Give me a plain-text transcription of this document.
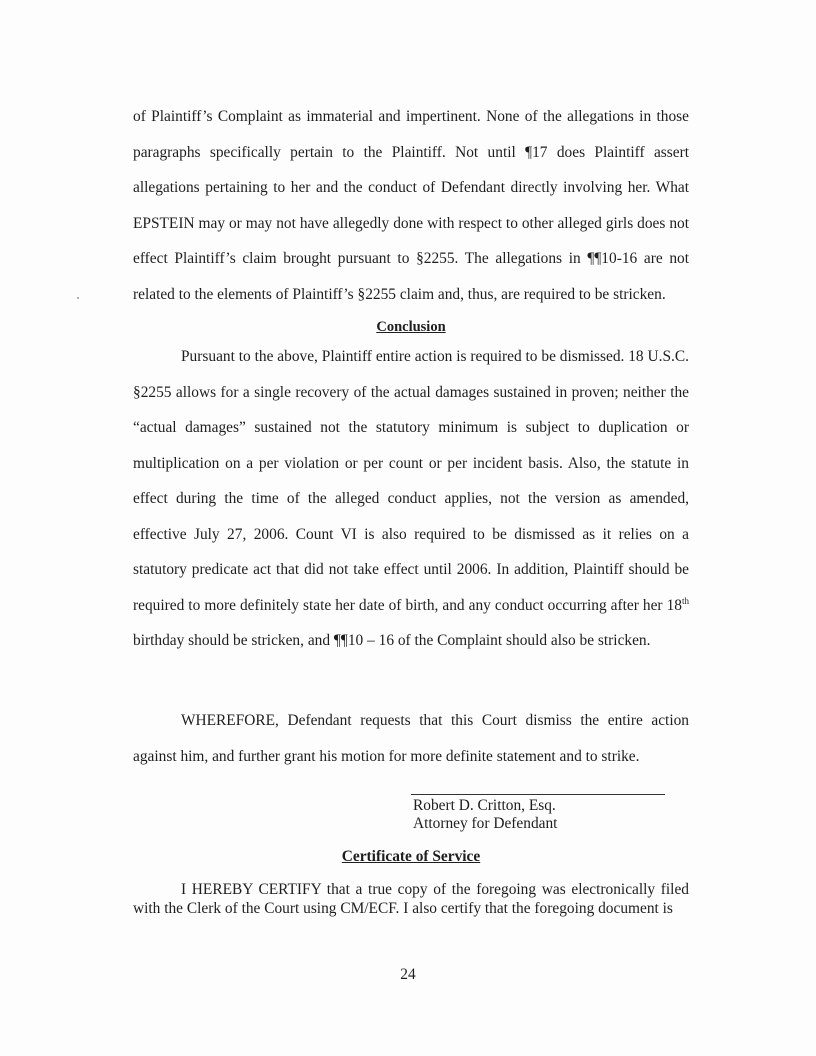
of Plaintiff’s Complaint as immaterial and impertinent. None of the allegations in those paragraphs specifically pertain to the Plaintiff. Not until ¶17 does Plaintiff assert allegations pertaining to her and the conduct of Defendant directly involving her. What EPSTEIN may or may not have allegedly done with respect to other alleged girls does not effect Plaintiff’s claim brought pursuant to §2255. The allegations in ¶¶10-16 are not related to the elements of Plaintiff’s §2255 claim and, thus, are required to be stricken.

Conclusion

Pursuant to the above, Plaintiff entire action is required to be dismissed. 18 U.S.C. §2255 allows for a single recovery of the actual damages sustained in proven; neither the “actual damages” sustained not the statutory minimum is subject to duplication or multiplication on a per violation or per count or per incident basis. Also, the statute in effect during the time of the alleged conduct applies, not the version as amended, effective July 27, 2006. Count VI is also required to be dismissed as it relies on a statutory predicate act that did not take effect until 2006. In addition, Plaintiff should be required to more definitely state her date of birth, and any conduct occurring after her 18th birthday should be stricken, and ¶¶10 – 16 of the Complaint should also be stricken.

WHEREFORE, Defendant requests that this Court dismiss the entire action against him, and further grant his motion for more definite statement and to strike.

Robert D. Critton, Esq.

Attorney for Defendant

Certificate of Service

I HEREBY CERTIFY that a true copy of the foregoing was electronically filed with the Clerk of the Court using CM/ECF. I also certify that the foregoing document is

24
